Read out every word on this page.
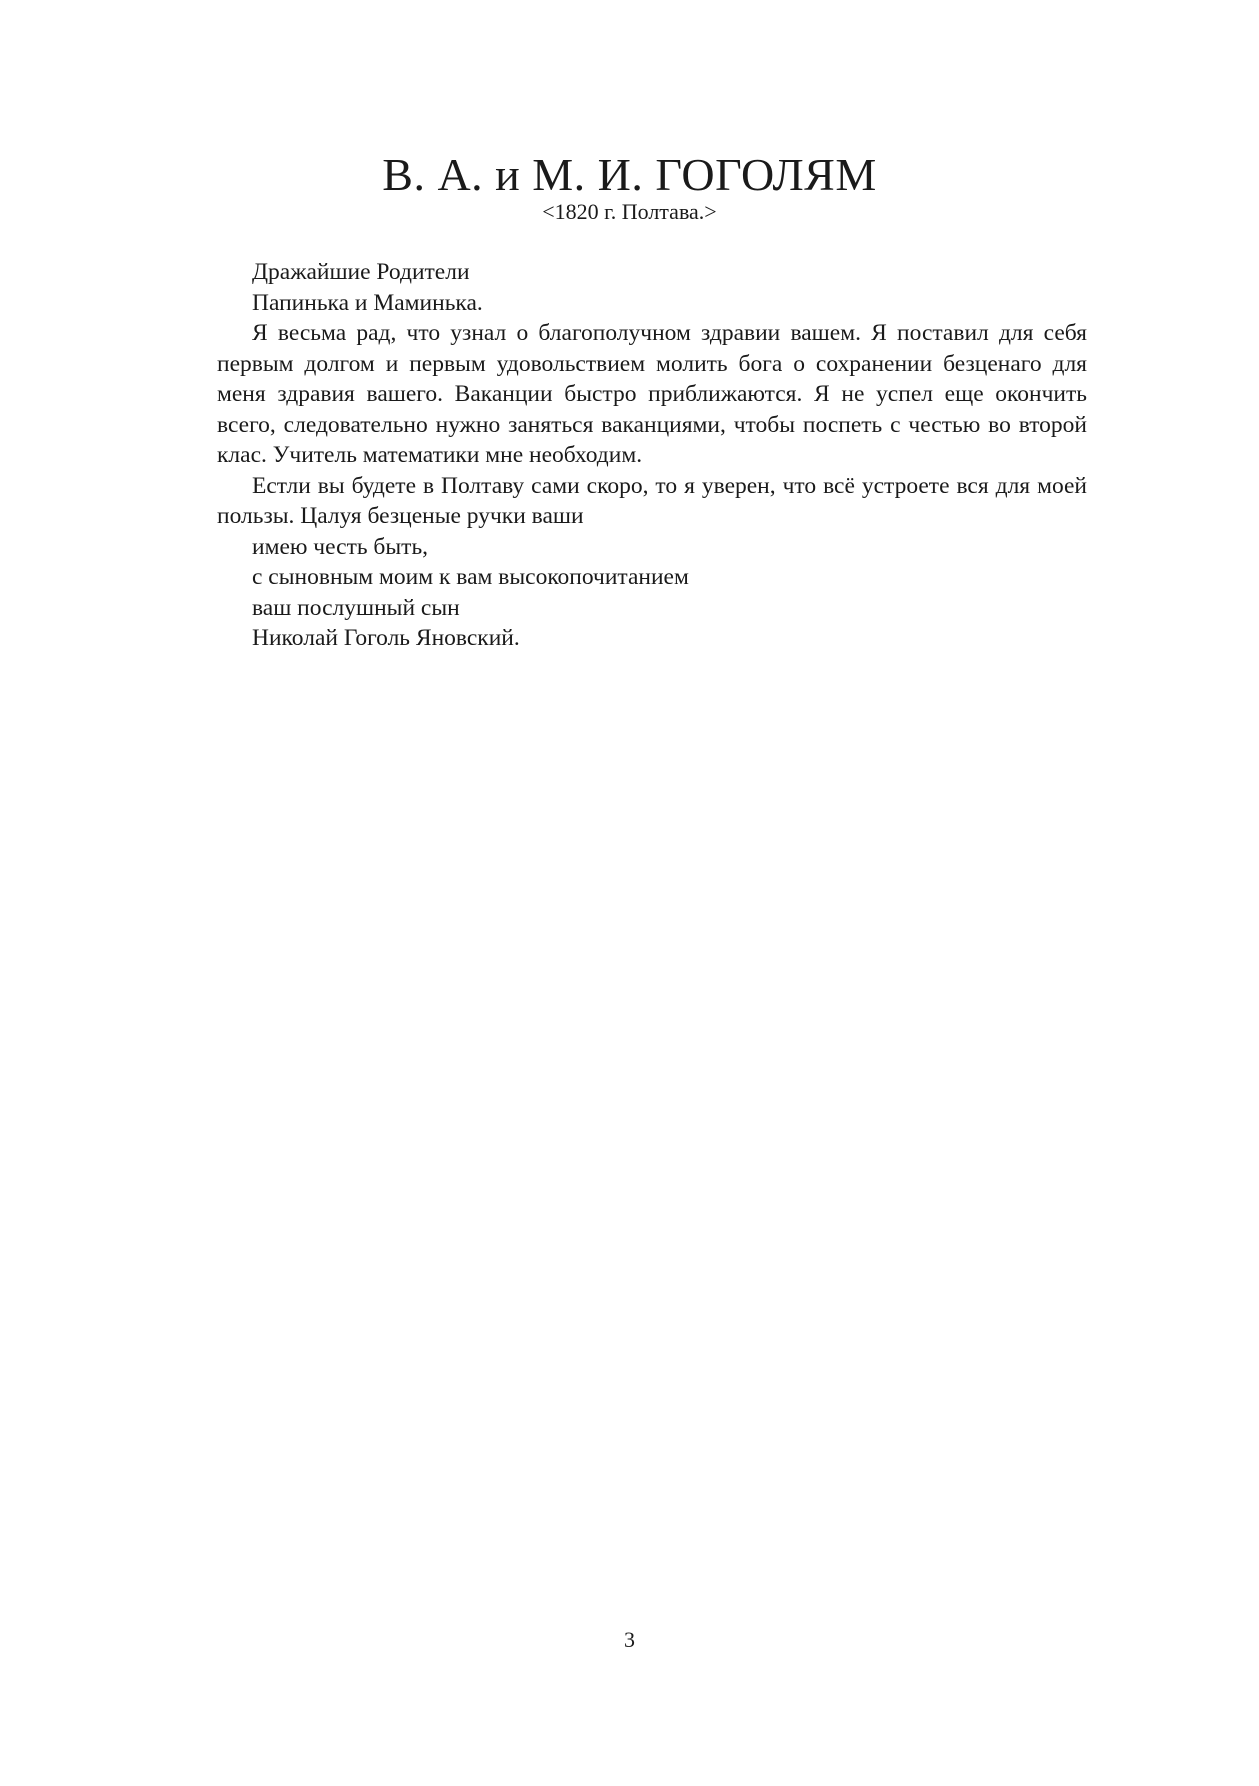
В. А. и М. И. ГОГОЛЯМ

<1820 г. Полтава.>

Дражайшие Родители

Папинька и Маминька.

Я весьма рад, что узнал о благополучном здравии вашем. Я поставил для себя первым долгом и первым удовольствием молить бога о сохранении безценаго для меня здравия вашего. Ваканции быстро приближаются. Я не успел еще окончить всего, следовательно нужно заняться ваканциями, чтобы поспеть с честью во второй клас. Учитель математики мне необходим.

Естли вы будете в Полтаву сами скоро, то я уверен, что всё устроете вся для моей пользы. Цалуя безценые ручки ваши

имею честь быть,

с сыновным моим к вам высокопочитанием

ваш послушный сын

Николай Гоголь Яновский.

3
